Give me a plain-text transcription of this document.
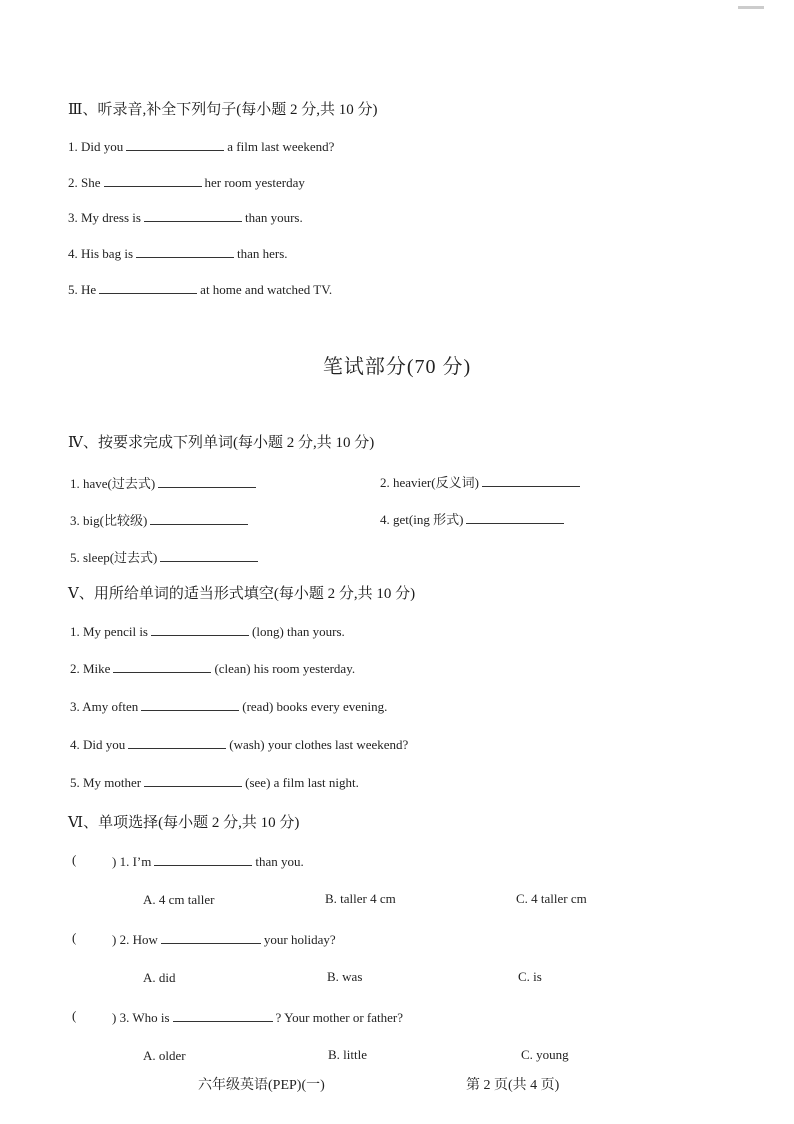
Ⅲ、听录音,补全下列句子(每小题 2 分,共 10 分)
1. Did you	a film last weekend?
2. She	her room yesterday
3. My dress is	than yours.
4. His bag is	than hers.
5. He	at home and watched TV.
笔试部分(70 分)
Ⅳ、按要求完成下列单词(每小题 2 分,共 10 分)
1. have(过去式)	2. heavier(反义词)
3. big(比较级)	4. get(ing 形式)
5. sleep(过去式)
Ⅴ、用所给单词的适当形式填空(每小题 2 分,共 10 分)
1. My pencil is	(long) than yours.
2. Mike	(clean) his room yesterday.
3. Amy often	(read) books every evening.
4. Did you	(wash) your clothes last weekend?
5. My mother	(see) a film last night.
Ⅵ、单项选择(每小题 2 分,共 10 分)
(	) 1. I’m	than you.
A. 4 cm taller	B. taller 4 cm	C. 4 taller cm
(	) 2. How	your holiday?
A. did	B. was	C. is
(	) 3. Who is	? Your mother or father?
A. older	B. little	C. young
六年级英语(PEP)(一)	第 2 页(共 4 页)
